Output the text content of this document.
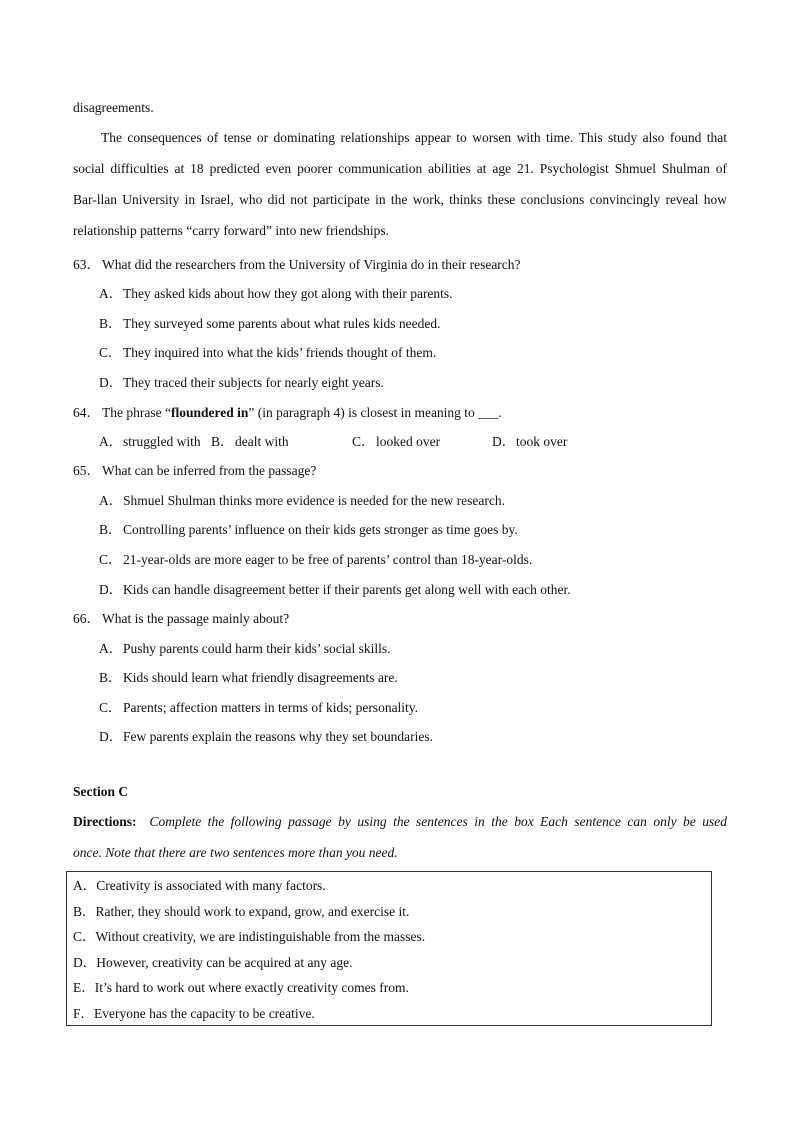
disagreements.
The consequences of tense or dominating relationships appear to worsen with time. This study also found that
social difficulties at 18 predicted even poorer communication abilities at age 21. Psychologist Shmuel Shulman of
Bar-llan University in Israel, who did not participate in the work, thinks these conclusions convincingly reveal how
relationship patterns “carry forward” into new friendships.
63． What did the researchers from the University of Virginia do in their research?
A．They asked kids about how they got along with their parents.
B．They surveyed some parents about what rules kids needed.
C．They inquired into what the kids’ friends thought of them.
D．They traced their subjects for nearly eight years.
64． The phrase “floundered in” (in paragraph 4) is closest in meaning to ___.
A．struggled with B．dealt with	C．looked over	D．took over
65． What can be inferred from the passage?
A．Shmuel Shulman thinks more evidence is needed for the new research.
B．Controlling parents’ influence on their kids gets stronger as time goes by.
C．21-year-olds are more eager to be free of parents’ control than 18-year-olds.
D．Kids can handle disagreement better if their parents get along well with each other.
66． What is the passage mainly about?
A．Pushy parents could harm their kids’ social skills.
B．Kids should learn what friendly disagreements are.
C．Parents; affection matters in terms of kids; personality.
D．Few parents explain the reasons why they set boundaries.
Section C
Directions: Complete the following passage by using the sentences in the box Each sentence can only be used
once. Note that there are two sentences more than you need.
A．Creativity is associated with many factors.
B．Rather, they should work to expand, grow, and exercise it.
C．Without creativity, we are indistinguishable from the masses.
D．However, creativity can be acquired at any age.
E．It’s hard to work out where exactly creativity comes from.
F．Everyone has the capacity to be creative.
